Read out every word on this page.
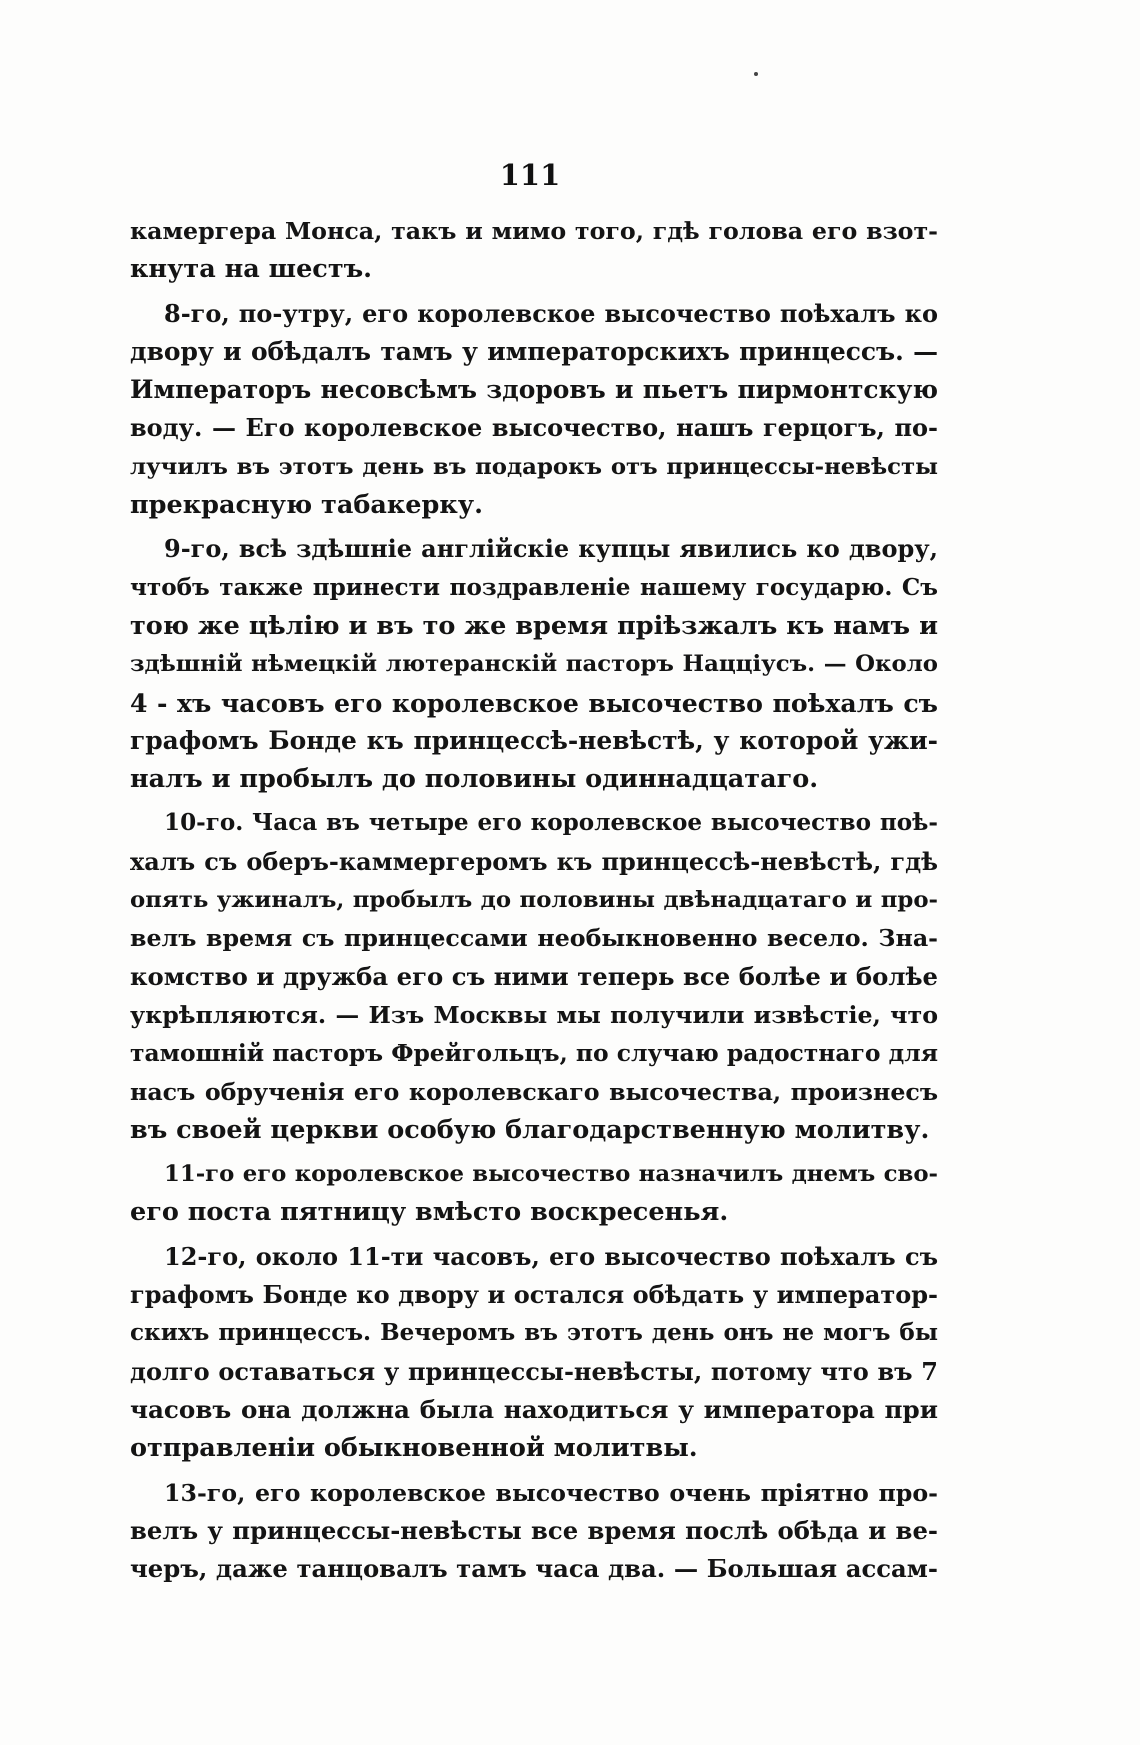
111
камергера Монса, такъ и мимо того, гдѣ голова его взот-
кнута на шестъ.
8-го, по-утру, его королевское высочество поѣхалъ ко
двору и обѣдалъ тамъ у императорскихъ принцессъ. —
Императоръ несовсѣмъ здоровъ и пьетъ пирмонтскую
воду. — Его королевское высочество, нашъ герцогъ, по-
лучилъ въ этотъ день въ подарокъ отъ принцессы-невѣсты
прекрасную табакерку.
9-го, всѣ здѣшніе англійскіе купцы явились ко двору,
чтобъ также принести поздравленіе нашему государю. Съ
тою же цѣлію и въ то же время пріѣзжалъ къ намъ и
здѣшній нѣмецкій лютеранскій пасторъ Нацціусъ. — Около
4 - хъ часовъ его королевское высочество поѣхалъ съ
графомъ Бонде къ принцессѣ-невѣстѣ, у которой ужи-
налъ и пробылъ до половины одиннадцатаго.
10-го. Часа въ четыре его королевское высочество поѣ-
халъ съ оберъ-каммергеромъ къ принцессѣ-невѣстѣ, гдѣ
опять ужиналъ, пробылъ до половины двѣнадцатаго и про-
велъ время съ принцессами необыкновенно весело. Зна-
комство и дружба его съ ними теперь все болѣе и болѣе
укрѣпляются. — Изъ Москвы мы получили извѣстіе, что
тамошній пасторъ Фрейгольцъ, по случаю радостнаго для
насъ обрученія его королевскаго высочества, произнесъ
въ своей церкви особую благодарственную молитву.
11-го его королевское высочество назначилъ днемъ сво-
его поста пятницу вмѣсто воскресенья.
12-го, около 11-ти часовъ, его высочество поѣхалъ съ
графомъ Бонде ко двору и остался обѣдать у император-
скихъ принцессъ. Вечеромъ въ этотъ день онъ не могъ бы
долго оставаться у принцессы-невѣсты, потому что въ 7
часовъ она должна была находиться у императора при
отправленіи обыкновенной молитвы.
13-го, его королевское высочество очень пріятно про-
велъ у принцессы-невѣсты все время послѣ обѣда и ве-
черъ, даже танцовалъ тамъ часа два. — Большая ассам-
